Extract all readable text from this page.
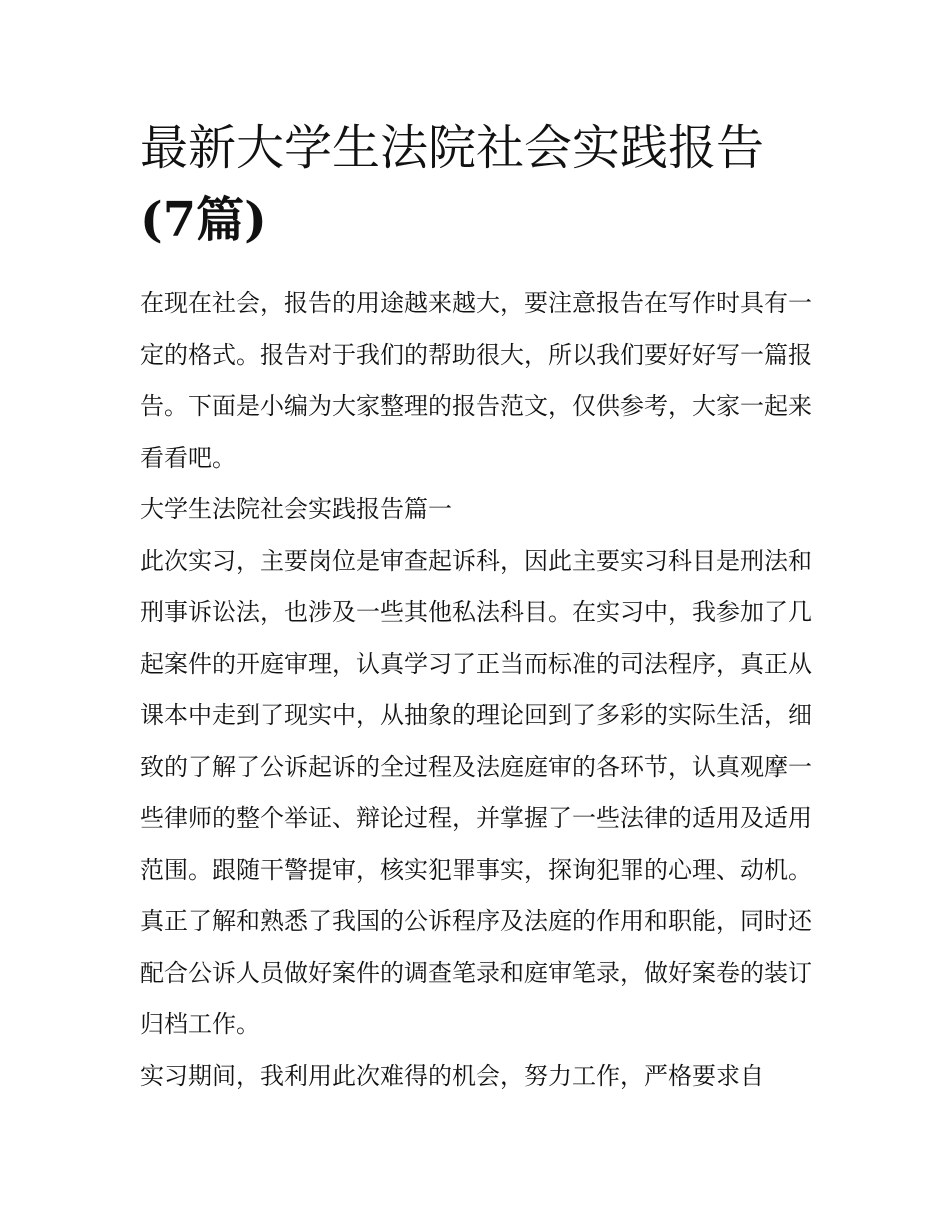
最新大学生法院社会实践报告
(7篇)

在现在社会，报告的用途越来越大，要注意报告在写作时具有一定的格式。报告对于我们的帮助很大，所以我们要好好写一篇报告。下面是小编为大家整理的报告范文，仅供参考，大家一起来看看吧。

大学生法院社会实践报告篇一

此次实习，主要岗位是审查起诉科，因此主要实习科目是刑法和刑事诉讼法，也涉及一些其他私法科目。在实习中，我参加了几起案件的开庭审理，认真学习了正当而标准的司法程序，真正从课本中走到了现实中，从抽象的理论回到了多彩的实际生活，细致的了解了公诉起诉的全过程及法庭庭审的各环节，认真观摩一些律师的整个举证、辩论过程，并掌握了一些法律的适用及适用范围。跟随干警提审，核实犯罪事实，探询犯罪的心理、动机。真正了解和熟悉了我国的公诉程序及法庭的作用和职能，同时还配合公诉人员做好案件的调查笔录和庭审笔录，做好案卷的装订归档工作。

实习期间，我利用此次难得的机会，努力工作，严格要求自
